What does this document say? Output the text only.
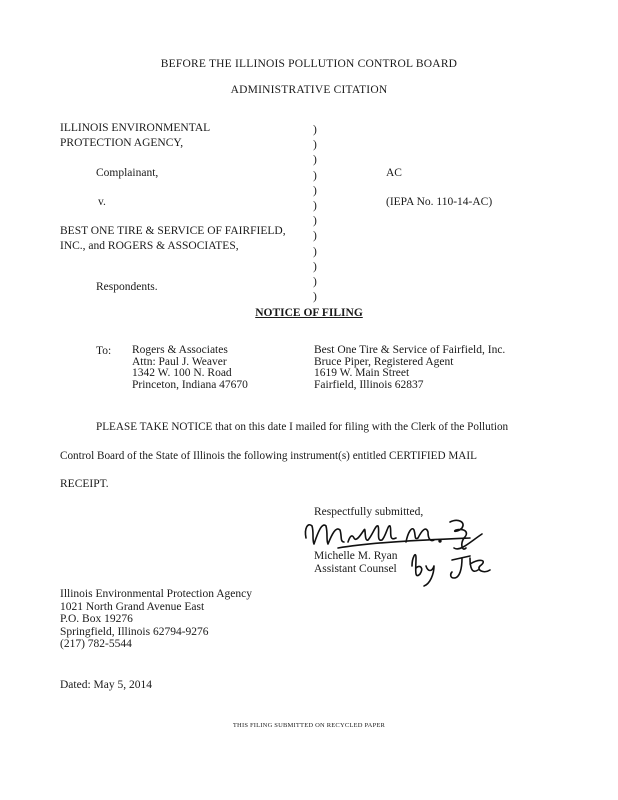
BEFORE THE ILLINOIS POLLUTION CONTROL BOARD
ADMINISTRATIVE CITATION
ILLINOIS ENVIRONMENTAL
PROTECTION AGENCY,
Complainant,
v.
BEST ONE TIRE & SERVICE OF FAIRFIELD,
INC., and ROGERS & ASSOCIATES,
Respondents.
)
)
)
)
)
)
)
)
)
)
)
)
AC
(IEPA No. 110-14-AC)
NOTICE OF FILING
To: Rogers & Associates
Attn: Paul J. Weaver
1342 W. 100 N. Road
Princeton, Indiana 47670
Best One Tire & Service of Fairfield, Inc.
Bruce Piper, Registered Agent
1619 W. Main Street
Fairfield, Illinois 62837
PLEASE TAKE NOTICE that on this date I mailed for filing with the Clerk of the Pollution
Control Board of the State of Illinois the following instrument(s) entitled CERTIFIED MAIL
RECEIPT.
Respectfully submitted,
Michelle M. Ryan
Assistant Counsel
Illinois Environmental Protection Agency
1021 North Grand Avenue East
P.O. Box 19276
Springfield, Illinois 62794-9276
(217) 782-5544
Dated: May 5, 2014
THIS FILING SUBMITTED ON RECYCLED PAPER
